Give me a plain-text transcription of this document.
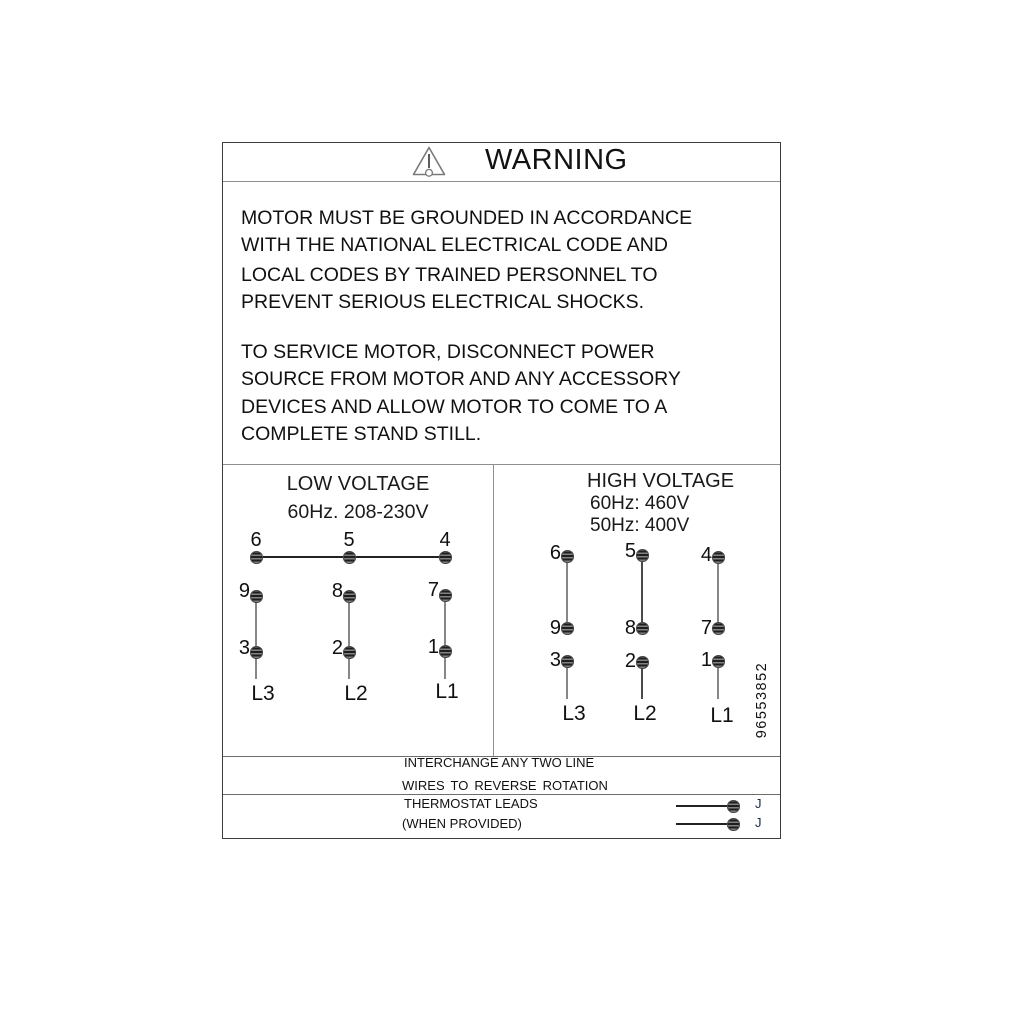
WARNING
MOTOR MUST BE GROUNDED IN ACCORDANCE
WITH THE NATIONAL ELECTRICAL CODE AND
LOCAL CODES BY TRAINED PERSONNEL TO
PREVENT SERIOUS ELECTRICAL SHOCKS.
TO SERVICE MOTOR, DISCONNECT POWER
SOURCE FROM MOTOR AND ANY ACCESSORY
DEVICES AND ALLOW MOTOR TO COME TO A
COMPLETE STAND STILL.
LOW VOLTAGE
60Hz. 208-230V
6	5	4
9	8	7
3	2	1
L3	L2	L1
HIGH VOLTAGE
60Hz: 460V
50Hz: 400V
6	5	4
9	8	7
3	2	1
L3	L2	L1	96553852
INTERCHANGE ANY TWO LINE
WIRES TO REVERSE ROTATION
THERMOSTAT LEADS
(WHEN PROVIDED)
J
J
